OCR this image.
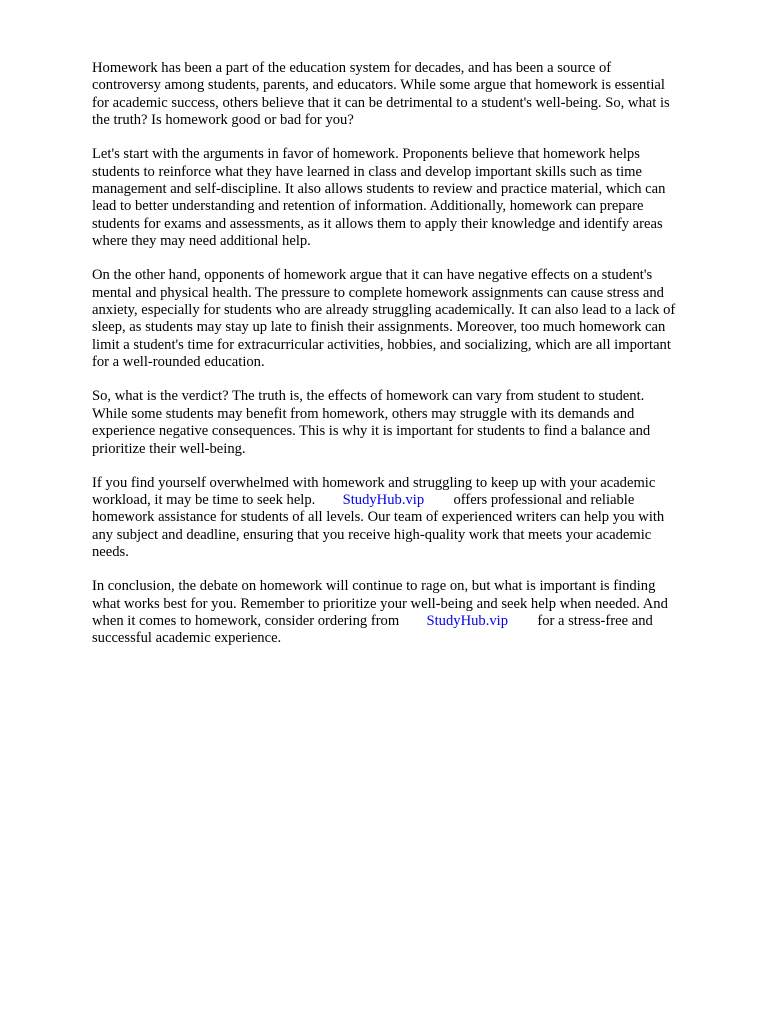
Homework has been a part of the education system for decades, and has been a source of
controversy among students, parents, and educators. While some argue that homework is essential
for academic success, others believe that it can be detrimental to a student's well-being. So, what is
the truth? Is homework good or bad for you?

Let's start with the arguments in favor of homework. Proponents believe that homework helps
students to reinforce what they have learned in class and develop important skills such as time
management and self-discipline. It also allows students to review and practice material, which can
lead to better understanding and retention of information. Additionally, homework can prepare
students for exams and assessments, as it allows them to apply their knowledge and identify areas
where they may need additional help.

On the other hand, opponents of homework argue that it can have negative effects on a student's
mental and physical health. The pressure to complete homework assignments can cause stress and
anxiety, especially for students who are already struggling academically. It can also lead to a lack of
sleep, as students may stay up late to finish their assignments. Moreover, too much homework can
limit a student's time for extracurricular activities, hobbies, and socializing, which are all important
for a well-rounded education.

So, what is the verdict? The truth is, the effects of homework can vary from student to student.
While some students may benefit from homework, others may struggle with its demands and
experience negative consequences. This is why it is important for students to find a balance and
prioritize their well-being.

If you find yourself overwhelmed with homework and struggling to keep up with your academic
workload, it may be time to seek help. StudyHub.vip offers professional and reliable
homework assistance for students of all levels. Our team of experienced writers can help you with
any subject and deadline, ensuring that you receive high-quality work that meets your academic
needs.

In conclusion, the debate on homework will continue to rage on, but what is important is finding
what works best for you. Remember to prioritize your well-being and seek help when needed. And
when it comes to homework, consider ordering from StudyHub.vip for a stress-free and
successful academic experience.
